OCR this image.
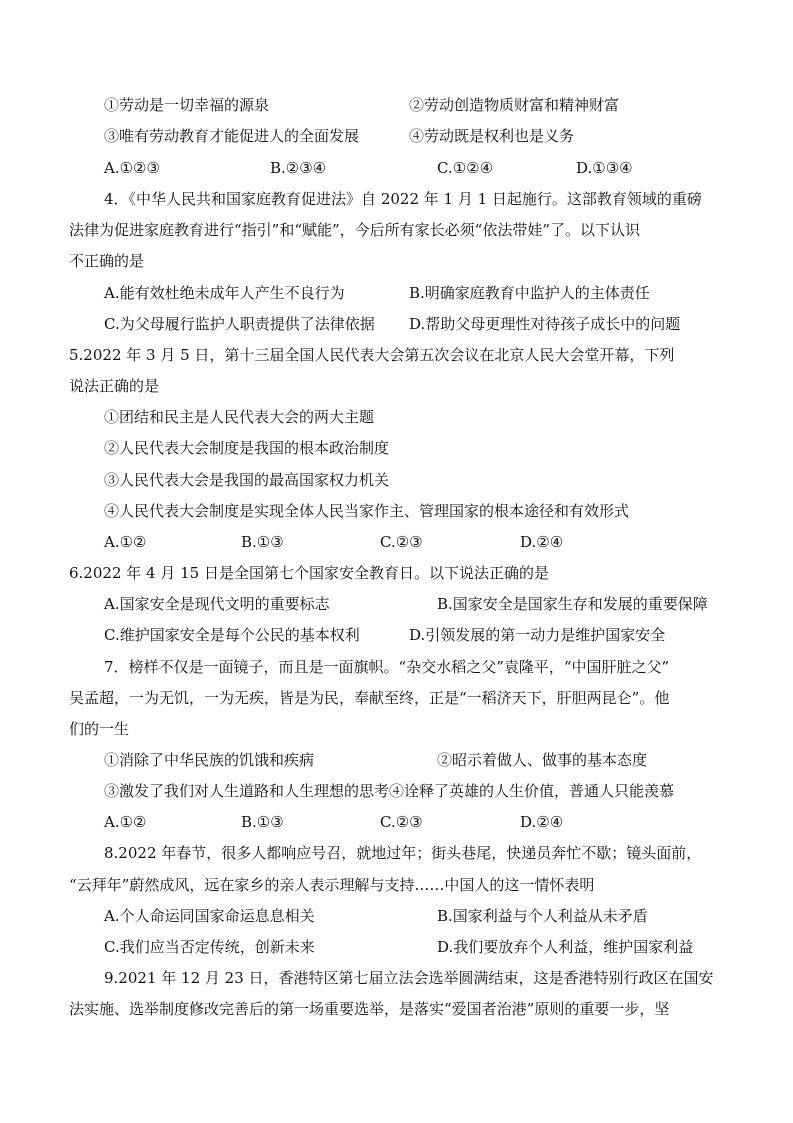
①劳动是一切幸福的源泉	②劳动创造物质财富和精神财富
③唯有劳动教育才能促进人的全面发展	④劳动既是权利也是义务
A.①②③	B.②③④	C.①②④	D.①③④
4．《中华人民共和国家庭教育促进法》自 2022 年 1 月 1 日起施行。这部教育领域的重磅
法律为促进家庭教育进行“指引”和“赋能”，今后所有家长必须“依法带娃”了。以下认识
不正确的是
A.能有效杜绝未成年人产生不良行为	B.明确家庭教育中监护人的主体责任
C.为父母履行监护人职责提供了法律依据 D.帮助父母更理性对待孩子成长中的问题
5.2022 年 3 月 5 日，第十三届全国人民代表大会第五次会议在北京人民大会堂开幕，下列
说法正确的是
①团结和民主是人民代表大会的两大主题
②人民代表大会制度是我国的根本政治制度
③人民代表大会是我国的最高国家权力机关
④人民代表大会制度是实现全体人民当家作主、管理国家的根本途径和有效形式
A.①②	B.①③	C.②③	D.②④
6.2022 年 4 月 15 日是全国第七个国家安全教育日。以下说法正确的是
A.国家安全是现代文明的重要标志	B.国家安全是国家生存和发展的重要保障
C.维护国家安全是每个公民的基本权利	D.引领发展的第一动力是维护国家安全
7．榜样不仅是一面镜子，而且是一面旗帜。“杂交水稻之父”袁隆平，“中国肝脏之父”
吴孟超，一为无饥，一为无疾，皆是为民，奉献至终，正是“一稻济天下，肝胆两昆仑”。他
们的一生
①消除了中华民族的饥饿和疾病	②昭示着做人、做事的基本态度
③激发了我们对人生道路和人生理想的思考④诠释了英雄的人生价值，普通人只能羡慕
A.①②	B.①③	C.②③	D.②④
8.2022 年春节，很多人都响应号召，就地过年；街头巷尾，快递员奔忙不歇；镜头面前，
“云拜年”蔚然成风，远在家乡的亲人表示理解与支持……中国人的这一情怀表明
A.个人命运同国家命运息息相关	B.国家利益与个人利益从未矛盾
C.我们应当否定传统，创新未来	D.我们要放弃个人利益，维护国家利益
9.2021 年 12 月 23 日，香港特区第七届立法会选举圆满结束，这是香港特别行政区在国安
法实施、选举制度修改完善后的第一场重要选举，是落实“爱国者治港”原则的重要一步，坚
